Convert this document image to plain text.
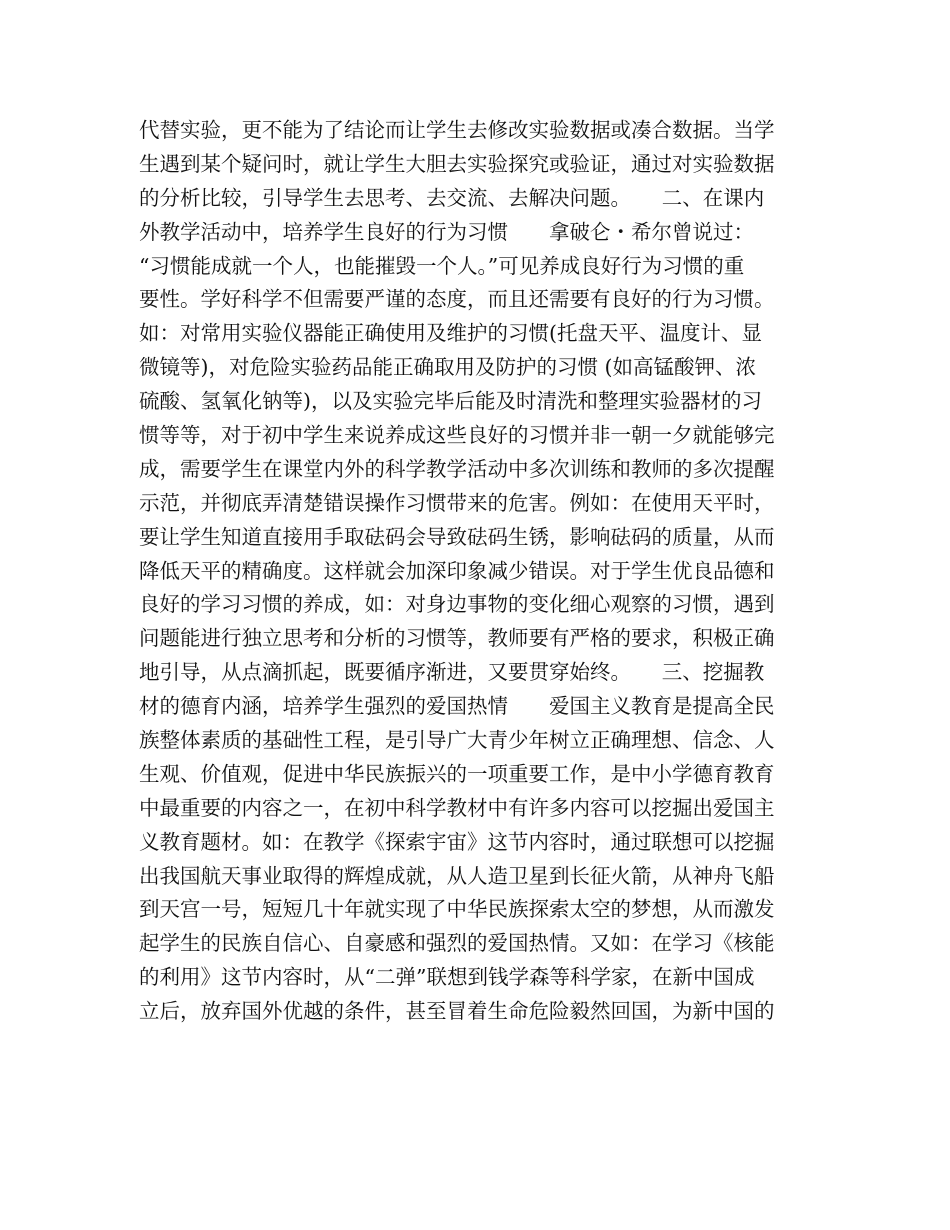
代替实验，更不能为了结论而让学生去修改实验数据或凑合数据。当学
生遇到某个疑问时，就让学生大胆去实验探究或验证，通过对实验数据
的分析比较，引导学生去思考、去交流、去解决问题。　　二、在课内
外教学活动中，培养学生良好的行为习惯　　拿破仑・希尔曾说过：
“习惯能成就一个人，也能摧毁一个人。”可见养成良好行为习惯的重
要性。学好科学不但需要严谨的态度，而且还需要有良好的行为习惯。
如：对常用实验仪器能正确使用及维护的习惯(托盘天平、温度计、显
微镜等)，对危险实验药品能正确取用及防护的习惯 (如高锰酸钾、浓
硫酸、氢氧化钠等)，以及实验完毕后能及时清洗和整理实验器材的习
惯等等，对于初中学生来说养成这些良好的习惯并非一朝一夕就能够完
成，需要学生在课堂内外的科学教学活动中多次训练和教师的多次提醒
示范，并彻底弄清楚错误操作习惯带来的危害。例如：在使用天平时，
要让学生知道直接用手取砝码会导致砝码生锈，影响砝码的质量，从而
降低天平的精确度。这样就会加深印象减少错误。对于学生优良品德和
良好的学习习惯的养成，如：对身边事物的变化细心观察的习惯，遇到
问题能进行独立思考和分析的习惯等，教师要有严格的要求，积极正确
地引导，从点滴抓起，既要循序渐进，又要贯穿始终。　　三、挖掘教
材的德育内涵，培养学生强烈的爱国热情　　爱国主义教育是提高全民
族整体素质的基础性工程，是引导广大青少年树立正确理想、信念、人
生观、价值观，促进中华民族振兴的一项重要工作，是中小学德育教育
中最重要的内容之一，在初中科学教材中有许多内容可以挖掘出爱国主
义教育题材。如：在教学《探索宇宙》这节内容时，通过联想可以挖掘
出我国航天事业取得的辉煌成就，从人造卫星到长征火箭，从神舟飞船
到天宫一号，短短几十年就实现了中华民族探索太空的梦想，从而激发
起学生的民族自信心、自豪感和强烈的爱国热情。又如：在学习《核能
的利用》这节内容时，从“二弹”联想到钱学森等科学家，在新中国成
立后，放弃国外优越的条件，甚至冒着生命危险毅然回国，为新中国的
